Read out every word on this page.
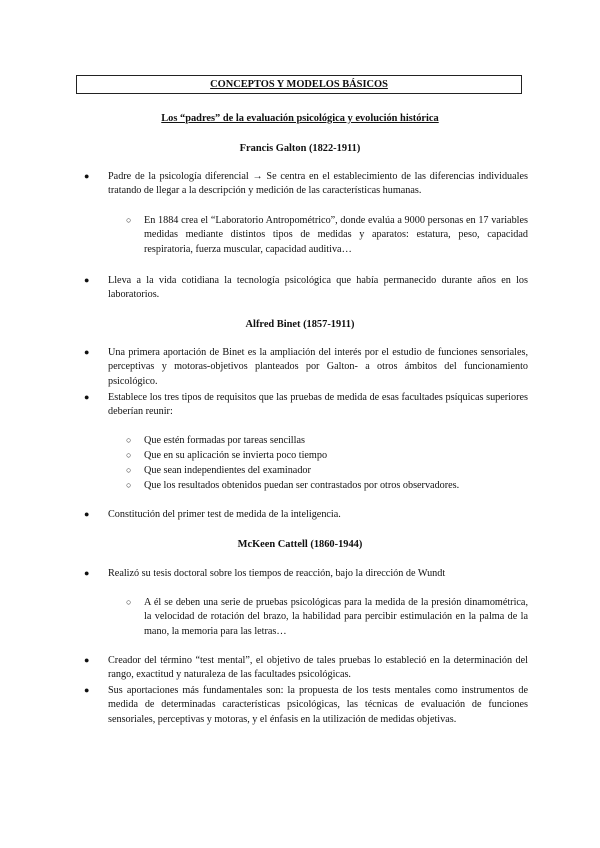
CONCEPTOS Y MODELOS BÁSICOS
Los “padres” de la evaluación psicológica y evolución histórica
Francis Galton (1822-1911)
● Padre de la psicología diferencial → Se centra en el establecimiento de las diferencias individuales tratando de llegar a la descripción y medición de las características humanas.
○ En 1884 crea el “Laboratorio Antropométrico”, donde evalúa a 9000 personas en 17 variables medidas mediante distintos tipos de medidas y aparatos: estatura, peso, capacidad respiratoria, fuerza muscular, capacidad auditiva…
● Lleva a la vida cotidiana la tecnología psicológica que había permanecido durante años en los laboratorios.
Alfred Binet (1857-1911)
● Una primera aportación de Binet es la ampliación del interés por el estudio de funciones sensoriales, perceptivas y motoras-objetivos planteados por Galton- a otros ámbitos del funcionamiento psicológico.
● Establece los tres tipos de requisitos que las pruebas de medida de esas facultades psíquicas superiores deberían reunir:
○ Que estén formadas por tareas sencillas
○ Que en su aplicación se invierta poco tiempo
○ Que sean independientes del examinador
○ Que los resultados obtenidos puedan ser contrastados por otros observadores.
● Constitución del primer test de medida de la inteligencia.
McKeen Cattell (1860-1944)
● Realizó su tesis doctoral sobre los tiempos de reacción, bajo la dirección de Wundt
○ A él se deben una serie de pruebas psicológicas para la medida de la presión dinamométrica, la velocidad de rotación del brazo, la habilidad para percibir estimulación en la palma de la mano, la memoria para las letras…
● Creador del término “test mental”, el objetivo de tales pruebas lo estableció en la determinación del rango, exactitud y naturaleza de las facultades psicológicas.
● Sus aportaciones más fundamentales son: la propuesta de los tests mentales como instrumentos de medida de determinadas características psicológicas, las técnicas de evaluación de funciones sensoriales, perceptivas y motoras, y el énfasis en la utilización de medidas objetivas.
